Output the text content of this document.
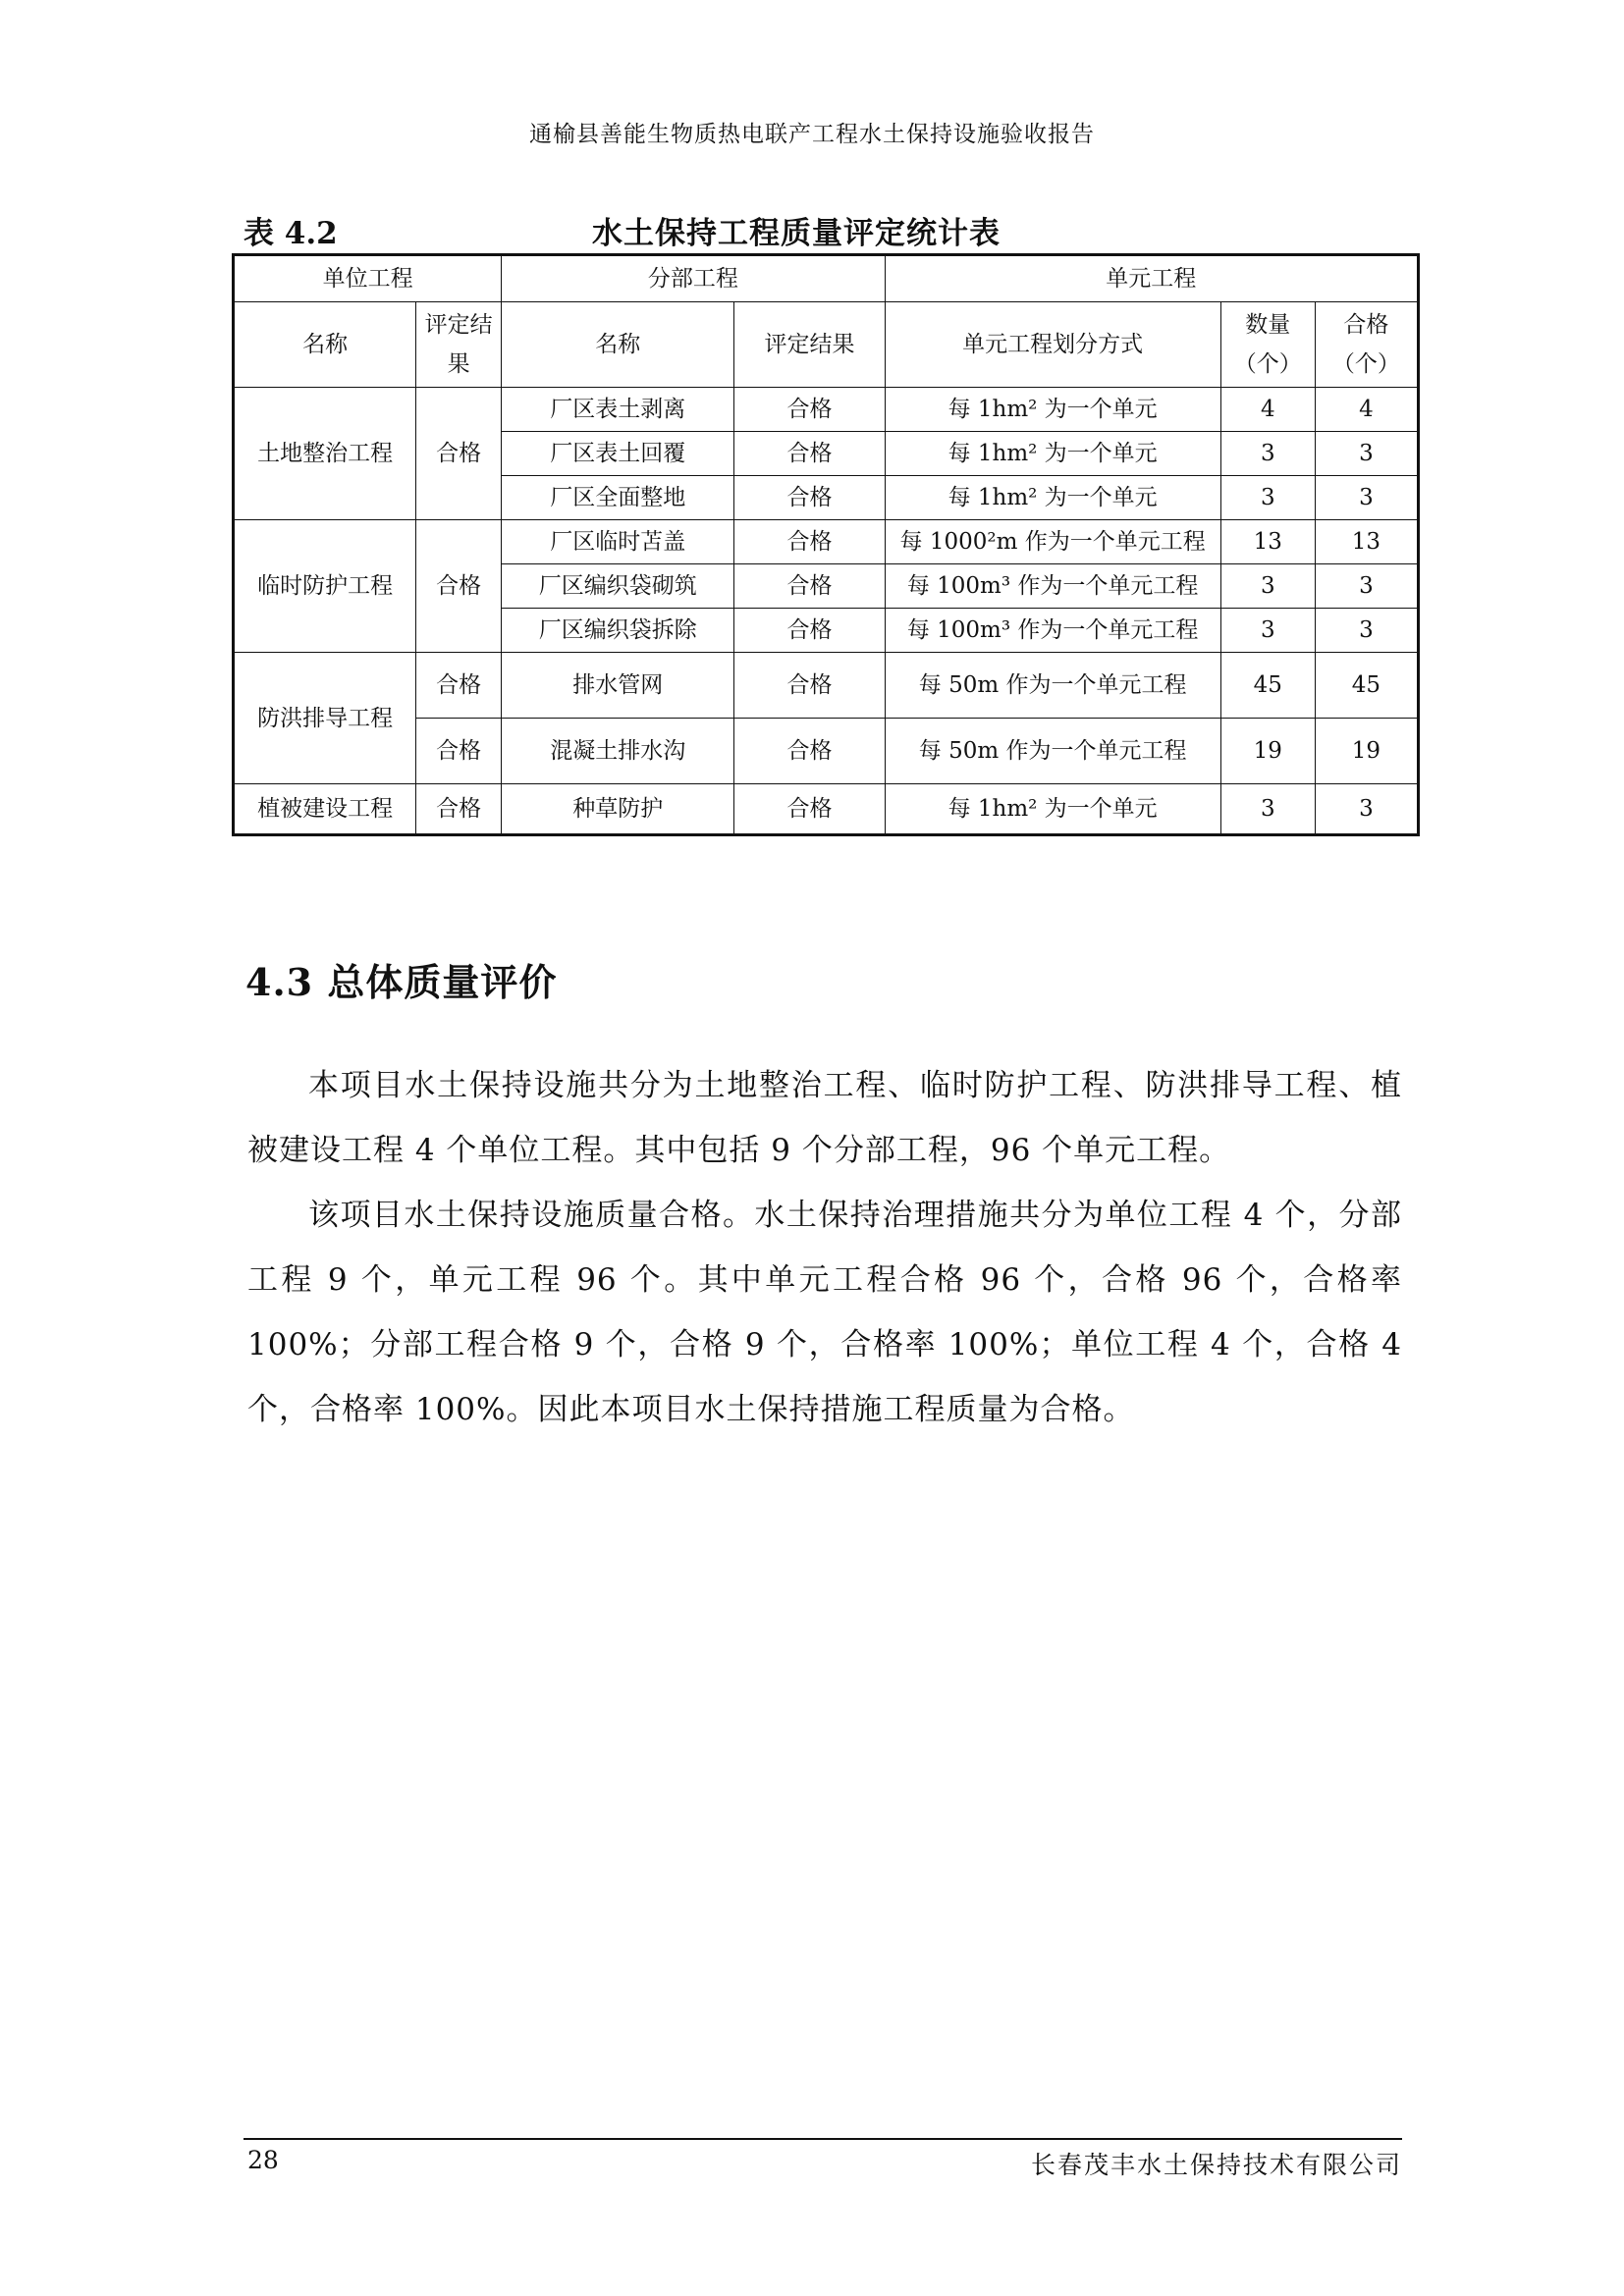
通榆县善能生物质热电联产工程水土保持设施验收报告
表 4.2	水土保持工程质量评定统计表
单位工程		分部工程		单元工程		
名称	评定结果	名称	评定结果	单元工程划分方式	数量（个）	合格（个）
土地整治工程	合格	厂区表土剥离	合格	每 1hm² 为一个单元	4	4
		厂区表土回覆	合格	每 1hm² 为一个单元	3	3
		厂区全面整地	合格	每 1hm² 为一个单元	3	3
临时防护工程	合格	厂区临时苫盖	合格	每 1000²m 作为一个单元工程	13	13
		厂区编织袋砌筑	合格	每 100m³ 作为一个单元工程	3	3
		厂区编织袋拆除	合格	每 100m³ 作为一个单元工程	3	3
防洪排导工程	合格	排水管网	合格	每 50m 作为一个单元工程	45	45
	合格	混凝土排水沟	合格	每 50m 作为一个单元工程	19	19
植被建设工程	合格	种草防护	合格	每 1hm² 为一个单元	3	3
4.3 总体质量评价

本项目水土保持设施共分为土地整治工程、临时防护工程、防洪排导工程、植被建设工程 4 个单位工程。其中包括 9 个分部工程，96 个单元工程。

该项目水土保持设施质量合格。水土保持治理措施共分为单位工程 4 个，分部工程 9 个，单元工程 96 个。其中单元工程合格 96 个，合格 96 个，合格率 100%；分部工程合格 9 个，合格 9 个，合格率 100%；单位工程 4 个，合格 4 个，合格率 100%。因此本项目水土保持措施工程质量为合格。

28	长春茂丰水土保持技术有限公司
